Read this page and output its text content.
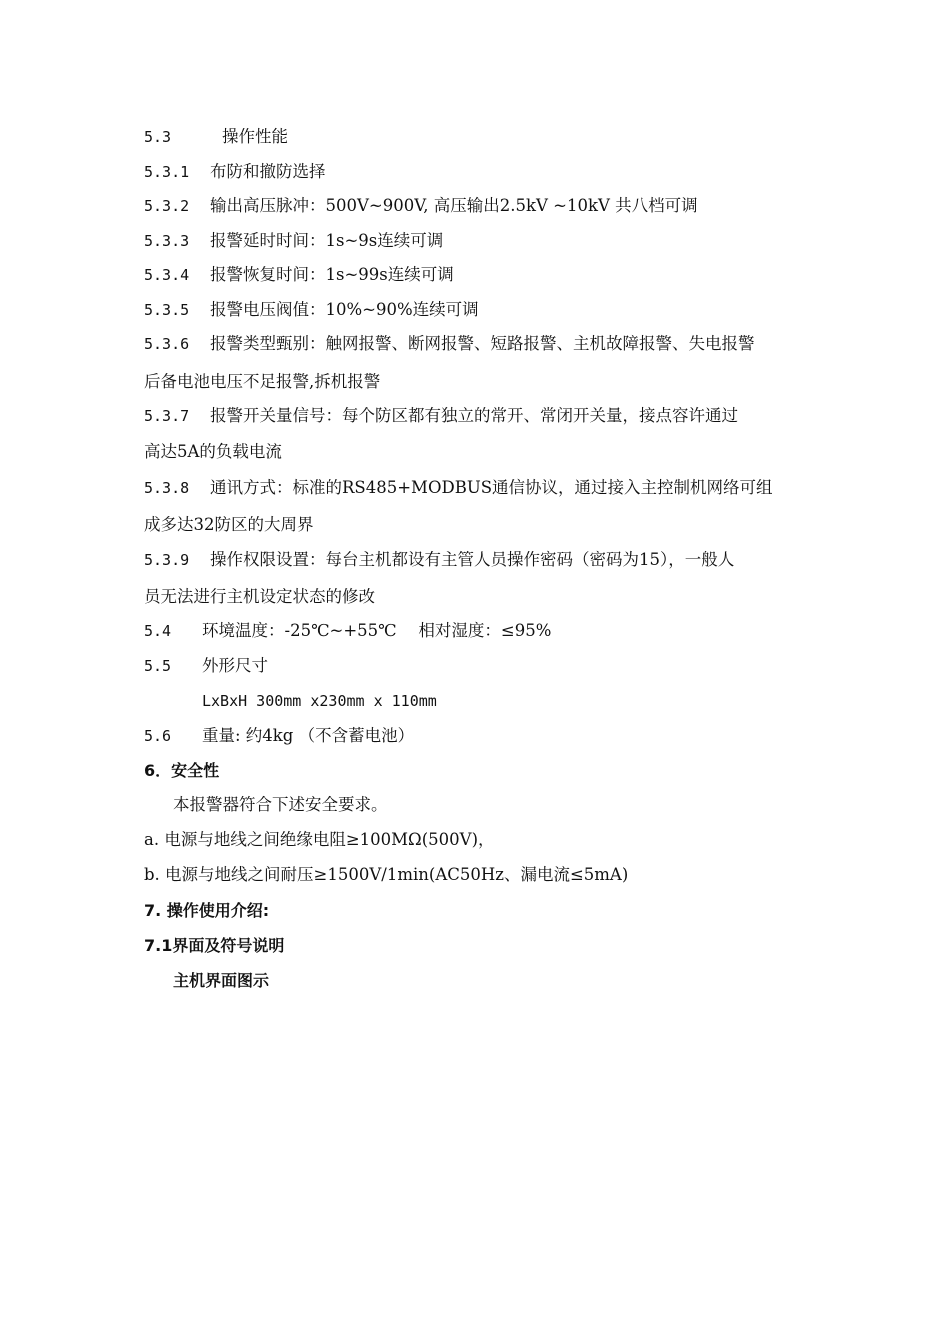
5.3	操作性能
5.3.1 布防和撤防选择
5.3.2 输出高压脉冲：500V~900V, 高压输出2.5kV ~10kV 共八档可调
5.3.3 报警延时时间：1s~9s连续可调
5.3.4 报警恢复时间：1s~99s连续可调
5.3.5 报警电压阀值：10%~90%连续可调
5.3.6 报警类型甄别：触网报警、断网报警、短路报警、主机故障报警、失电报警
后备电池电压不足报警,拆机报警
5.3.7 报警开关量信号：每个防区都有独立的常开、常闭开关量，接点容许通过
高达5A的负载电流
5.3.8 通讯方式：标准的RS485+MODBUS通信协议，通过接入主控制机网络可组
成多达32防区的大周界
5.3.9 操作权限设置：每台主机都设有主管人员操作密码（密码为15），一般人
员无法进行主机设定状态的修改
5.4 环境温度：-25℃~+55℃　 相对湿度：≤95%
5.5 外形尺寸
LxBxH 300mm x230mm x 110mm
5.6 重量: 约4kg （不含蓄电池）
6．安全性
本报警器符合下述安全要求。
a. 电源与地线之间绝缘电阻≥100MΩ(500V)，
b. 电源与地线之间耐压≥1500V/1min(AC50Hz、漏电流≤5mA)
7. 操作使用介绍:
7.1界面及符号说明
主机界面图示
